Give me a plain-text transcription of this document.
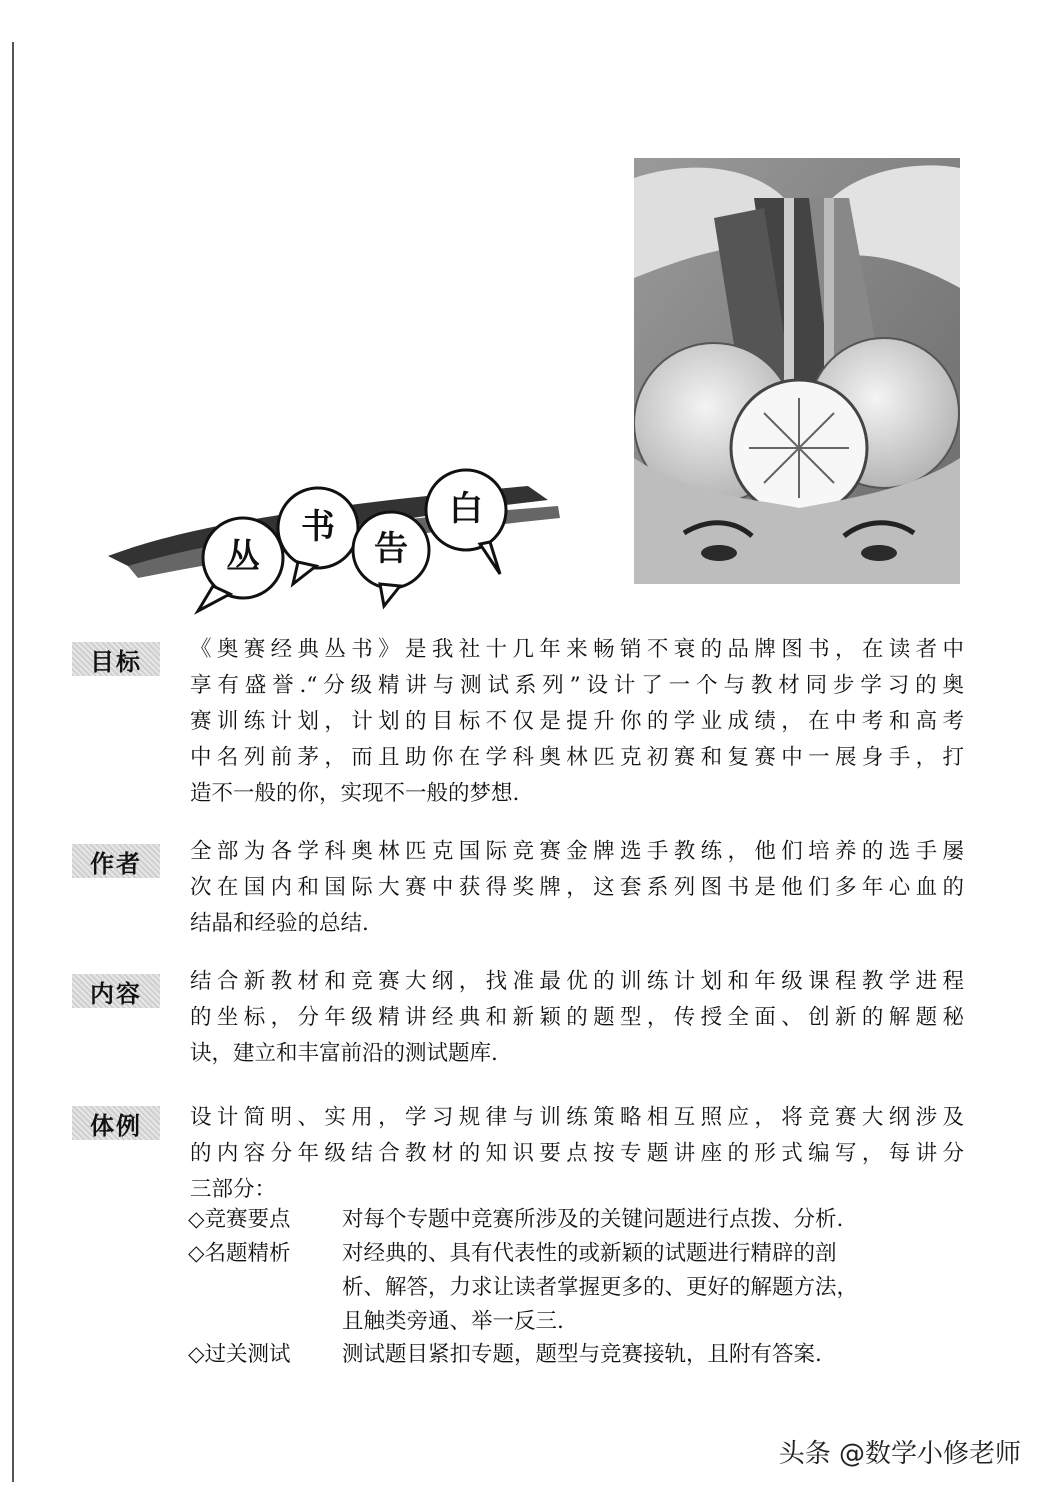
丛
书
告
白
目标	《奥赛经典丛书》是我社十几年来畅销不衰的品牌图书，在读者中
享有盛誉.“分级精讲与测试系列”设计了一个与教材同步学习的奥
赛训练计划，计划的目标不仅是提升你的学业成绩，在中考和高考
中名列前茅，而且助你在学科奥林匹克初赛和复赛中一展身手，打
造不一般的你，实现不一般的梦想.
作者	全部为各学科奥林匹克国际竞赛金牌选手教练，他们培养的选手屡
次在国内和国际大赛中获得奖牌，这套系列图书是他们多年心血的
结晶和经验的总结.
内容	结合新教材和竞赛大纲，找准最优的训练计划和年级课程教学进程
的坐标，分年级精讲经典和新颖的题型，传授全面、创新的解题秘
诀，建立和丰富前沿的测试题库.
体例	设计简明、实用，学习规律与训练策略相互照应，将竞赛大纲涉及
的内容分年级结合教材的知识要点按专题讲座的形式编写，每讲分
三部分：
◇竞赛要点 对每个专题中竞赛所涉及的关键问题进行点拨、分析.
◇名题精析 对经典的、具有代表性的或新颖的试题进行精辟的剖
析、解答，力求让读者掌握更多的、更好的解题方法，
且触类旁通、举一反三.
◇过关测试 测试题目紧扣专题，题型与竞赛接轨，且附有答案.
头条 @数学小修老师
